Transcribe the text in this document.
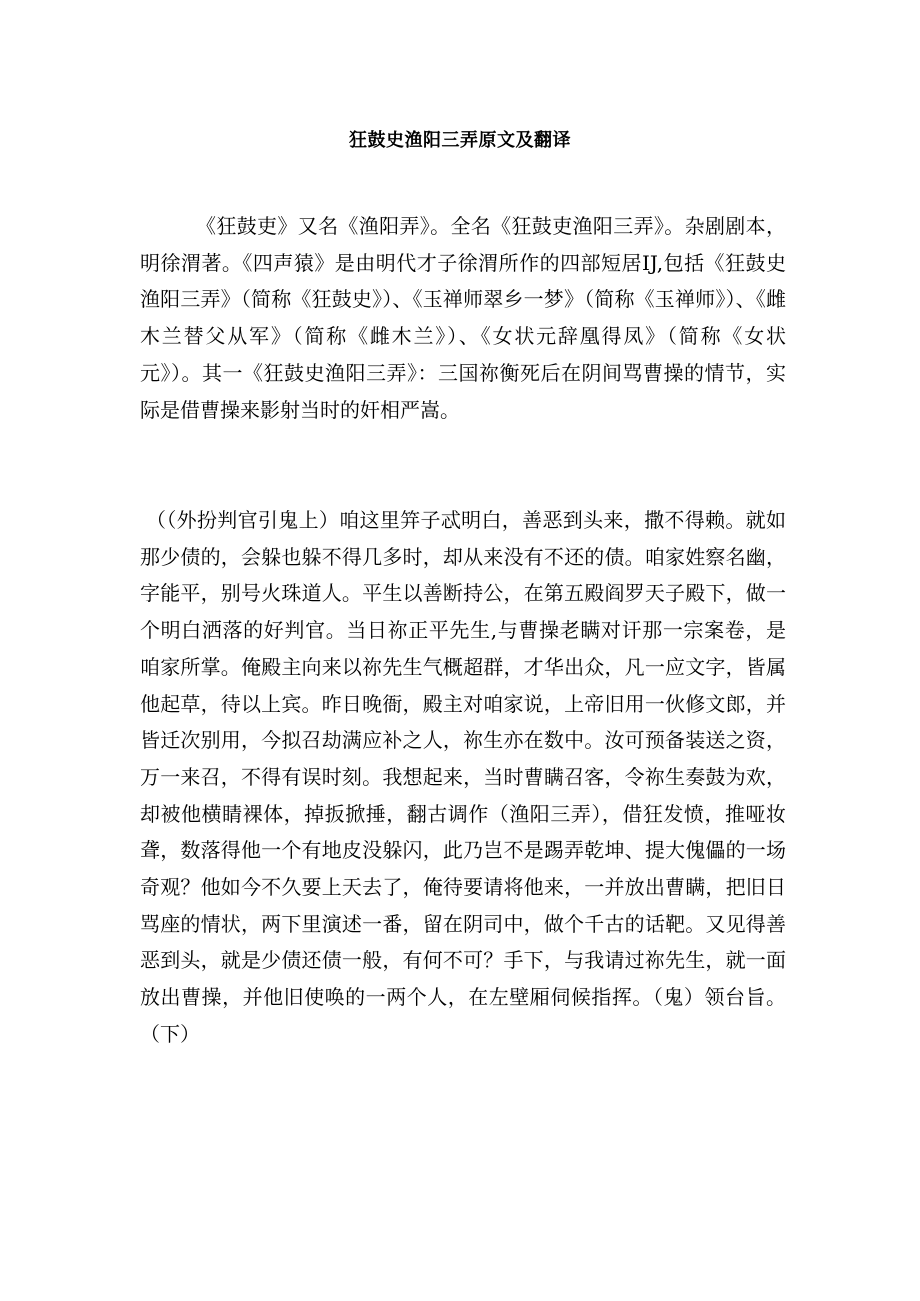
狂鼓史渔阳三弄原文及翻译

《狂鼓吏》又名《渔阳弄》。全名《狂鼓吏渔阳三弄》。杂剧剧本，明徐渭著。《四声猿》是由明代才子徐渭所作的四部短居IJ,包括《狂鼓史渔阳三弄》（简称《狂鼓史》）、《玉禅师翠乡一梦》（简称《玉禅师》）、《雌木兰替父从军》（简称《雌木兰》）、《女状元辞凰得凤》（简称《女状元》）。其一《狂鼓史渔阳三弄》：三国祢衡死后在阴间骂曹操的情节，实际是借曹操来影射当时的奸相严嵩。

（（外扮判官引鬼上）咱这里笄子忒明白，善恶到头来，撒不得赖。就如那少债的，会躲也躲不得几多时，却从来没有不还的债。咱家姓察名幽，字能平，别号火珠道人。平生以善断持公，在第五殿阎罗天子殿下，做一个明白洒落的好判官。当日祢正平先生,与曹操老瞒对讦那一宗案卷，是咱家所掌。俺殿主向来以祢先生气概超群，才华出众，凡一应文字，皆属他起草，待以上宾。昨日晚衙，殿主对咱家说，上帝旧用一伙修文郎，并皆迁次别用，今拟召劫满应补之人，祢生亦在数中。汝可预备装送之资，万一来召，不得有误时刻。我想起来，当时曹瞒召客，令祢生奏鼓为欢，却被他横睛裸体，掉扳掀捶，翻古调作（渔阳三弄），借狂发愤，推哑妆聋，数落得他一个有地皮没躲闪，此乃岂不是踢弄乾坤、提大傀儡的一场奇观？他如今不久要上天去了，俺待要请将他来，一并放出曹瞒，把旧日骂座的情状，两下里演述一番，留在阴司中，做个千古的话靶。又见得善恶到头，就是少债还债一般，有何不可？手下，与我请过祢先生，就一面放出曹操，并他旧使唤的一两个人，在左壁厢伺候指挥。（鬼）领台旨。（下）
